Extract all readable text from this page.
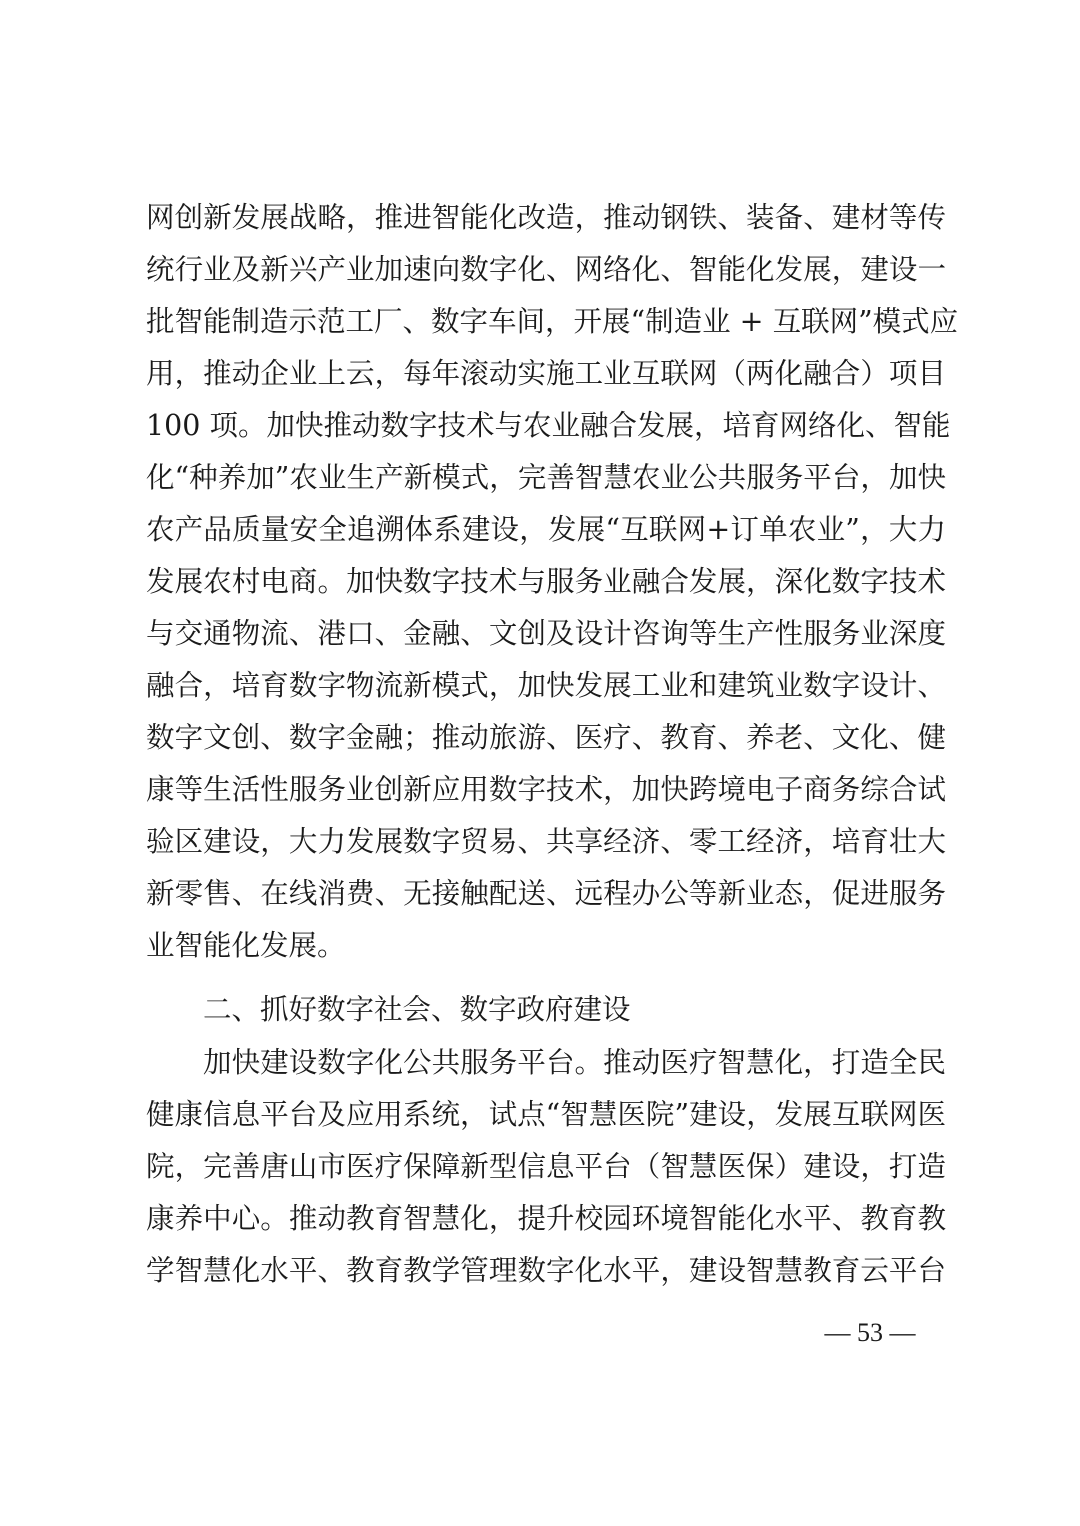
网创新发展战略，推进智能化改造，推动钢铁、装备、建材等传
统行业及新兴产业加速向数字化、网络化、智能化发展，建设一
批智能制造示范工厂、数字车间，开展“制造业 + 互联网”模式应
用，推动企业上云，每年滚动实施工业互联网（两化融合）项目
100 项。加快推动数字技术与农业融合发展，培育网络化、智能
化“种养加”农业生产新模式，完善智慧农业公共服务平台，加快
农产品质量安全追溯体系建设，发展“互联网+订单农业”，大力
发展农村电商。加快数字技术与服务业融合发展，深化数字技术
与交通物流、港口、金融、文创及设计咨询等生产性服务业深度
融合，培育数字物流新模式，加快发展工业和建筑业数字设计、
数字文创、数字金融；推动旅游、医疗、教育、养老、文化、健
康等生活性服务业创新应用数字技术，加快跨境电子商务综合试
验区建设，大力发展数字贸易、共享经济、零工经济，培育壮大
新零售、在线消费、无接触配送、远程办公等新业态，促进服务
业智能化发展。
二、抓好数字社会、数字政府建设
加快建设数字化公共服务平台。推动医疗智慧化，打造全民
健康信息平台及应用系统，试点“智慧医院”建设，发展互联网医
院，完善唐山市医疗保障新型信息平台（智慧医保）建设，打造
康养中心。推动教育智慧化，提升校园环境智能化水平、教育教
学智慧化水平、教育教学管理数字化水平，建设智慧教育云平台
— 53 —
